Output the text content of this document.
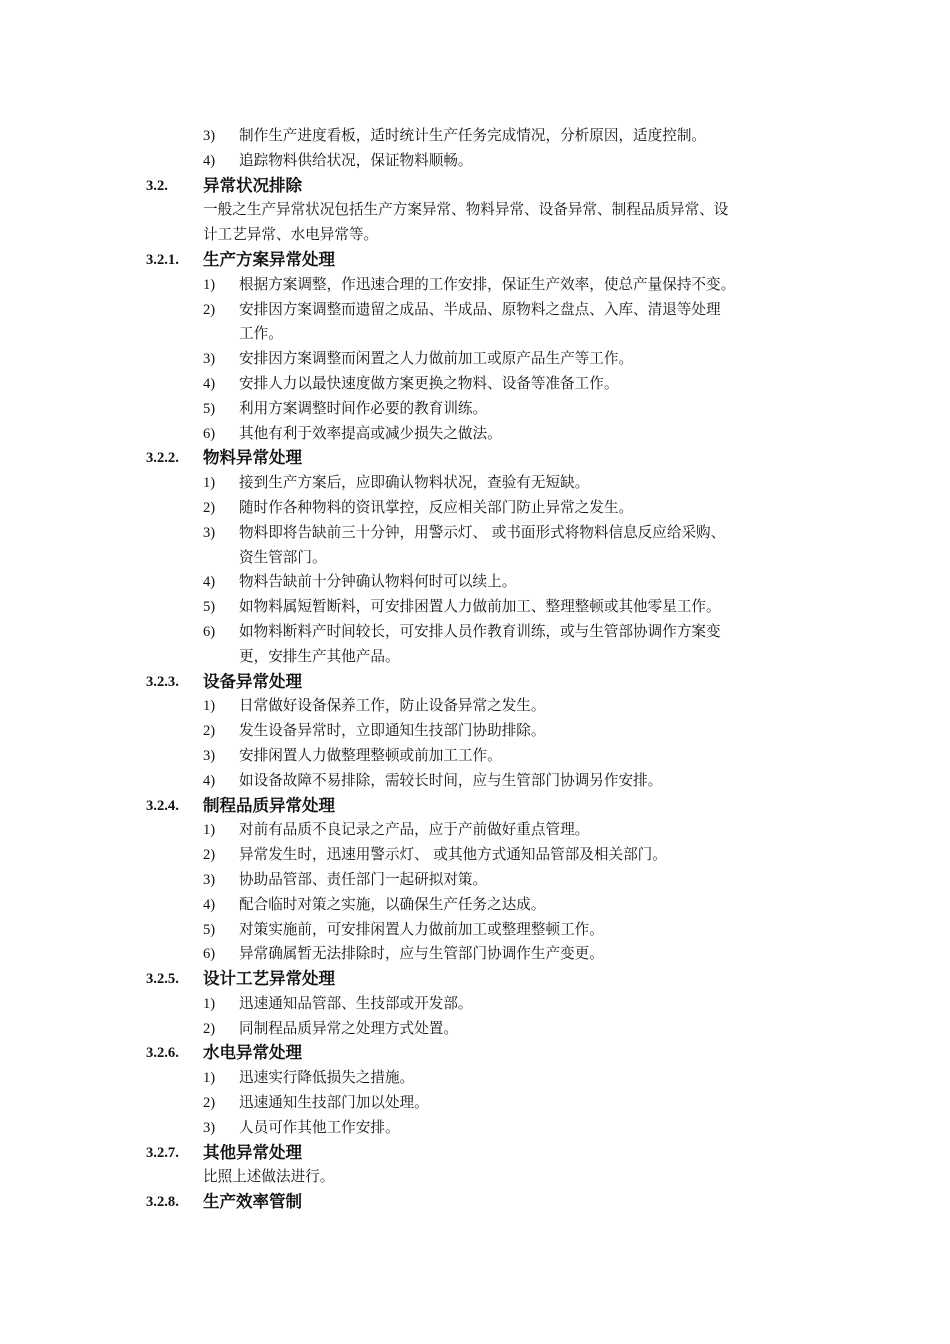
3) 制作生产进度看板，适时统计生产任务完成情况，分析原因，适度控制。
4) 追踪物料供给状况，保证物料顺畅。
3.2. 异常状况排除
一般之生产异常状况包括生产方案异常、物料异常、设备异常、制程品质异常、设
计工艺异常、水电异常等。
3.2.1. 生产方案异常处理
1) 根据方案调整，作迅速合理的工作安排，保证生产效率，使总产量保持不变。
2) 安排因方案调整而遗留之成品、半成品、原物料之盘点、入库、清退等处理
工作。
3) 安排因方案调整而闲置之人力做前加工或原产品生产等工作。
4) 安排人力以最快速度做方案更换之物料、设备等准备工作。
5) 利用方案调整时间作必要的教育训练。
6) 其他有利于效率提高或减少损失之做法。
3.2.2. 物料异常处理
1) 接到生产方案后，应即确认物料状况，查验有无短缺。
2) 随时作各种物料的资讯掌控，反应相关部门防止异常之发生。
3) 物料即将告缺前三十分钟，用警示灯、 或书面形式将物料信息反应给采购、
资生管部门。
4) 物料告缺前十分钟确认物料何时可以续上。
5) 如物料属短暂断料，可安排困置人力做前加工、整理整顿或其他零星工作。
6) 如物料断料产时间较长，可安排人员作教育训练，或与生管部协调作方案变
更，安排生产其他产品。
3.2.3. 设备异常处理
1) 日常做好设备保养工作，防止设备异常之发生。
2) 发生设备异常时，立即通知生技部门协助排除。
3) 安排闲置人力做整理整顿或前加工工作。
4) 如设备故障不易排除，需较长时间，应与生管部门协调另作安排。
3.2.4. 制程品质异常处理
1) 对前有品质不良记录之产品，应于产前做好重点管理。
2) 异常发生时，迅速用警示灯、 或其他方式通知品管部及相关部门。
3) 协助品管部、责任部门一起研拟对策。
4) 配合临时对策之实施，以确保生产任务之达成。
5) 对策实施前，可安排闲置人力做前加工或整理整顿工作。
6) 异常确属暂无法排除时，应与生管部门协调作生产变更。
3.2.5. 设计工艺异常处理
1) 迅速通知品管部、生技部或开发部。
2) 同制程品质异常之处理方式处置。
3.2.6. 水电异常处理
1) 迅速实行降低损失之措施。
2) 迅速通知生技部门加以处理。
3) 人员可作其他工作安排。
3.2.7. 其他异常处理
比照上述做法进行。
3.2.8. 生产效率管制
